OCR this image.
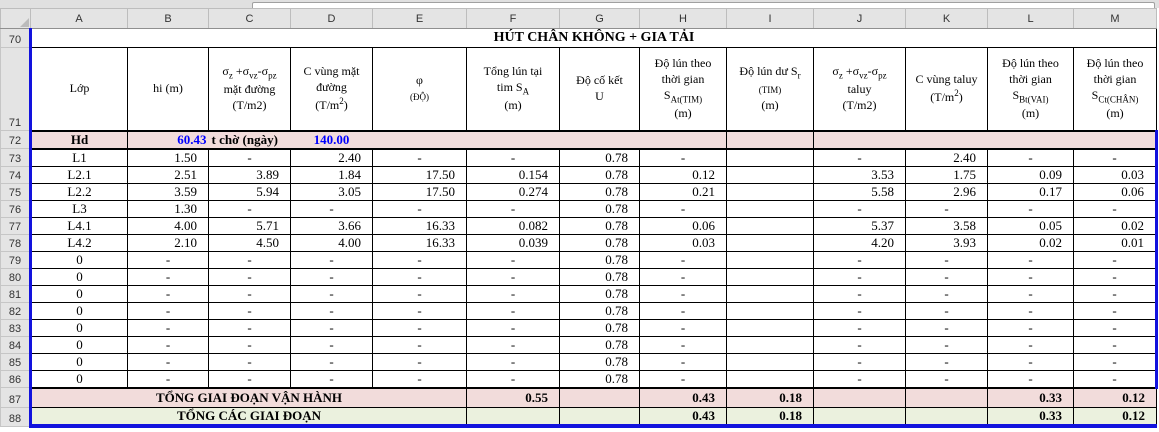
	A	B	C	D	E	F	G	H	I	J	K	L	M
70	HÚT CHÂN KHÔNG + GIA TẢI												
71	Lớp	hi (m)	$\sigma_z +\sigma_{vz}-\sigma_{pz}$
mặt đường
(T/m2)	C vùng mặt
đường
$(T/m^2)$	φ
(ĐỘ)	Tổng lún tại
tim $S_A$
(m)	Độ cố kết
U	Độ lún theo
thời gian
$S_{At(TIM)}$
(m)	Độ lún dư $S_r$
(TIM)
(m)	$\sigma_z +\sigma_{vz}-\sigma_{pz}$
taluy
(T/m2)	C vùng taluy
$(T/m^2)$	Độ lún theo
thời gian
$S_{Bt(VAI)}$
(m)	Độ lún theo
thời gian
$S_{Ct(CHÂN)}$
(m)
72	Hd	60.43	t chờ (ngày)	140.00									
73	L1	1.50	-	2.40	-	-	0.78	-		-	2.40	-	-
74	L2.1	2.51	3.89	1.84	17.50	0.154	0.78	0.12		3.53	1.75	0.09	0.03
75	L2.2	3.59	5.94	3.05	17.50	0.274	0.78	0.21		5.58	2.96	0.17	0.06
76	L3	1.30	-	-	-	-	0.78	-		-	-	-	-
77	L4.1	4.00	5.71	3.66	16.33	0.082	0.78	0.06		5.37	3.58	0.05	0.02
78	L4.2	2.10	4.50	4.00	16.33	0.039	0.78	0.03		4.20	3.93	0.02	0.01
79	0	-	-	-	-	-	0.78	-		-	-	-	-
80	0	-	-	-	-	-	0.78	-		-	-	-	-
81	0	-	-	-	-	-	0.78	-		-	-	-	-
82	0	-	-	-	-	-	0.78	-		-	-	-	-
83	0	-	-	-	-	-	0.78	-		-	-	-	-
84	0	-	-	-	-	-	0.78	-		-	-	-	-
85	0	-	-	-	-	-	0.78	-		-	-	-	-
86	0	-	-	-	-	-	0.78	-		-	-	-	-
87	TỔNG GIAI ĐOẠN VẬN HÀNH					0.55		0.43	0.18			0.33	0.12
88	TỔNG CÁC GIAI ĐOẠN							0.43	0.18			0.33	0.12
